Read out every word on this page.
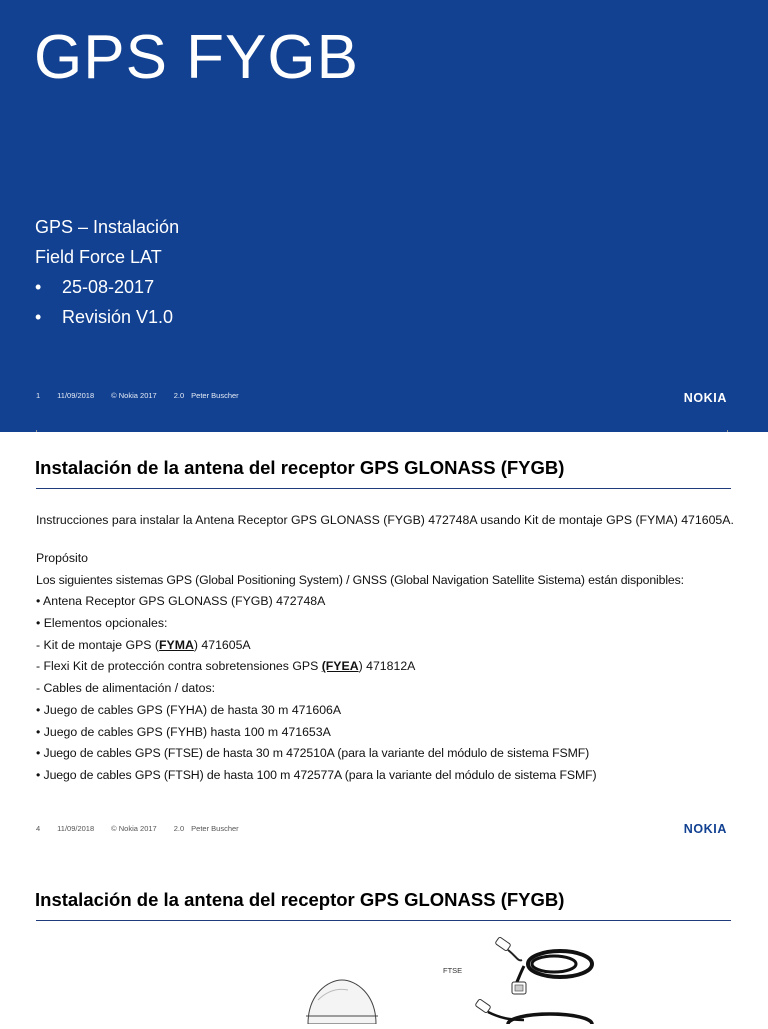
GPS FYGB
GPS – Instalación
Field Force LAT
•	25-08-2017
•	Revisión V1.0
1 11/09/2018 © Nokia 2017 2.0 Peter Buscher	NOKIA
Instalación de la antena del receptor GPS GLONASS (FYGB)

Instrucciones para instalar la Antena Receptor GPS GLONASS (FYGB) 472748A usando Kit de montaje GPS (FYMA) 471605A.

Propósito
Los siguientes sistemas GPS (Global Positioning System) / GNSS (Global Navigation Satellite Sistema) están disponibles:
• Antena Receptor GPS GLONASS (FYGB) 472748A
• Elementos opcionales:
- Kit de montaje GPS (FYMA) 471605A
- Flexi Kit de protección contra sobretensiones GPS (FYEA) 471812A
- Cables de alimentación / datos:
• Juego de cables GPS (FYHA) de hasta 30 m 471606A
• Juego de cables GPS (FYHB) hasta 100 m 471653A
• Juego de cables GPS (FTSE) de hasta 30 m 472510A (para la variante del módulo de sistema FSMF)
• Juego de cables GPS (FTSH) de hasta 100 m 472577A (para la variante del módulo de sistema FSMF)
4 11/09/2018 © Nokia 2017 2.0 Peter Buscher	NOKIA
Instalación de la antena del receptor GPS GLONASS (FYGB)
FTSE
